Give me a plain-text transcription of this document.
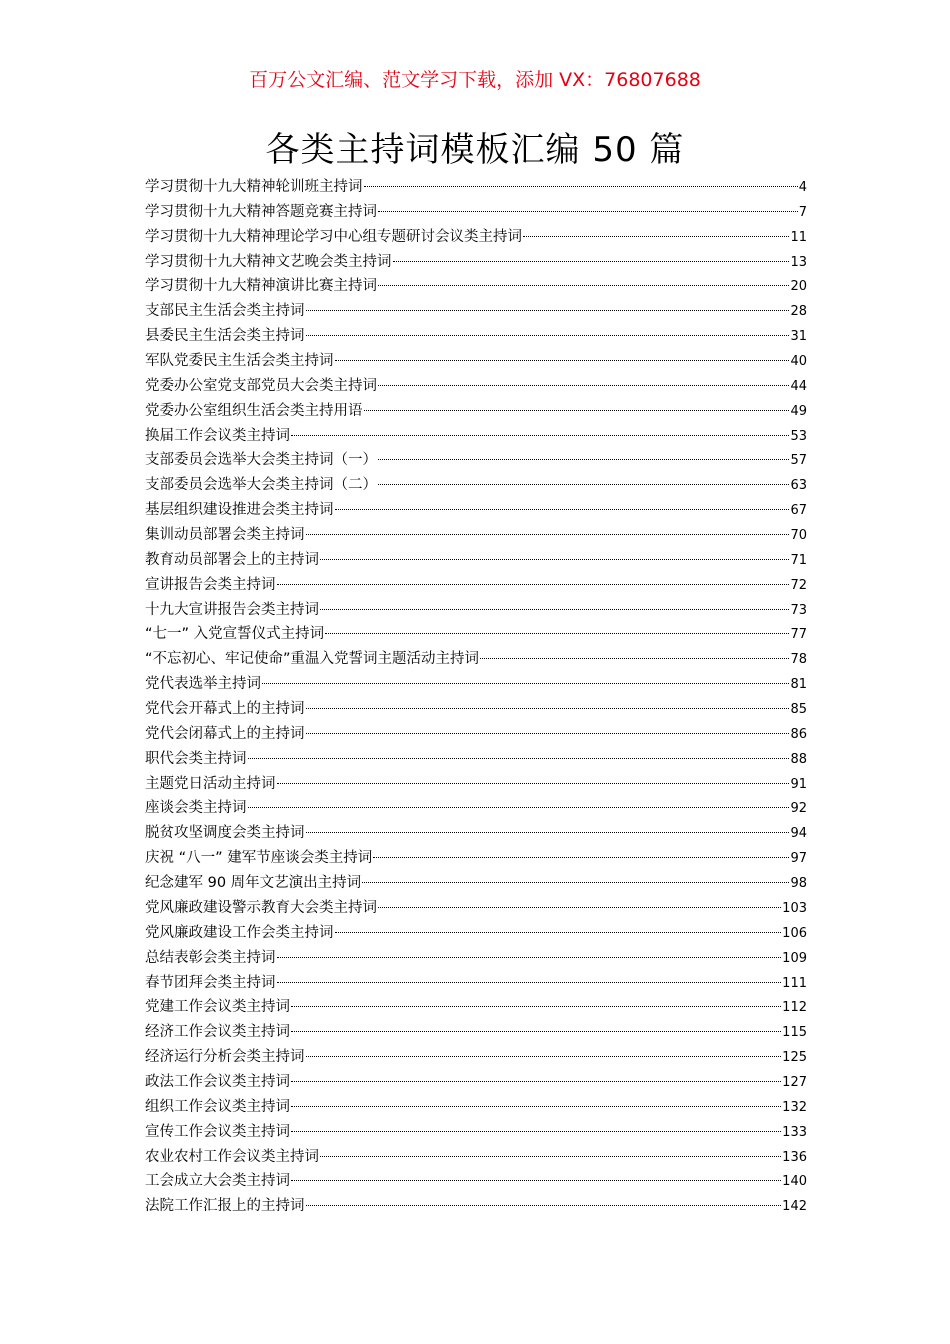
百万公文汇编、范文学习下载，添加 VX：76807688
各类主持词模板汇编 50 篇
学习贯彻十九大精神轮训班主持词	4
学习贯彻十九大精神答题竞赛主持词	7
学习贯彻十九大精神理论学习中心组专题研讨会议类主持词	11
学习贯彻十九大精神文艺晚会类主持词	13
学习贯彻十九大精神演讲比赛主持词	20
支部民主生活会类主持词	28
县委民主生活会类主持词	31
军队党委民主生活会类主持词	40
党委办公室党支部党员大会类主持词	44
党委办公室组织生活会类主持用语	49
换届工作会议类主持词	53
支部委员会选举大会类主持词（一）	57
支部委员会选举大会类主持词（二）	63
基层组织建设推进会类主持词	67
集训动员部署会类主持词	70
教育动员部署会上的主持词	71
宣讲报告会类主持词	72
十九大宣讲报告会类主持词	73
“七一” 入党宣誓仪式主持词	77
“不忘初心、牢记使命”重温入党誓词主题活动主持词	78
党代表选举主持词	81
党代会开幕式上的主持词	85
党代会闭幕式上的主持词	86
职代会类主持词	88
主题党日活动主持词	91
座谈会类主持词	92
脱贫攻坚调度会类主持词	94
庆祝 “八一” 建军节座谈会类主持词	97
纪念建军 90 周年文艺演出主持词	98
党风廉政建设警示教育大会类主持词	103
党风廉政建设工作会类主持词	106
总结表彰会类主持词	109
春节团拜会类主持词	111
党建工作会议类主持词	112
经济工作会议类主持词	115
经济运行分析会类主持词	125
政法工作会议类主持词	127
组织工作会议类主持词	132
宣传工作会议类主持词	133
农业农村工作会议类主持词	136
工会成立大会类主持词	140
法院工作汇报上的主持词	142
